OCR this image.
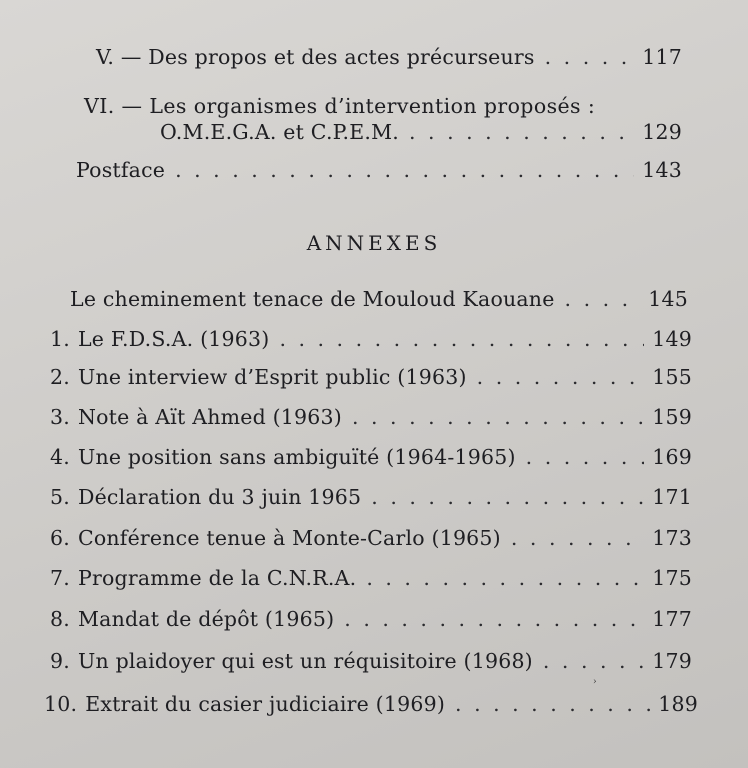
V. — Des propos et des actes précurseurs . . .	117
VI. — Les organismes d’intervention proposés :
O.M.E.G.A. et C.P.E.M. . . .	129
Postface . . .	143
ANNEXES
Le cheminement tenace de Mouloud Kaouane . . .	145
1. Le F.D.S.A. (1963) . . .	149
2. Une interview d’Esprit public (1963) . . .	155
3. Note à Aït Ahmed (1963) . . .	159
4. Une position sans ambiguïté (1964-1965) . . .	169
5. Déclaration du 3 juin 1965 . . .	171
6. Conférence tenue à Monte-Carlo (1965) . . .	173
7. Programme de la C.N.R.A. . . .	175
8. Mandat de dépôt (1965) . . .	177
9. Un plaidoyer qui est un réquisitoire (1968) . . .	179
10. Extrait du casier judiciaire (1969) . . .	189
›
